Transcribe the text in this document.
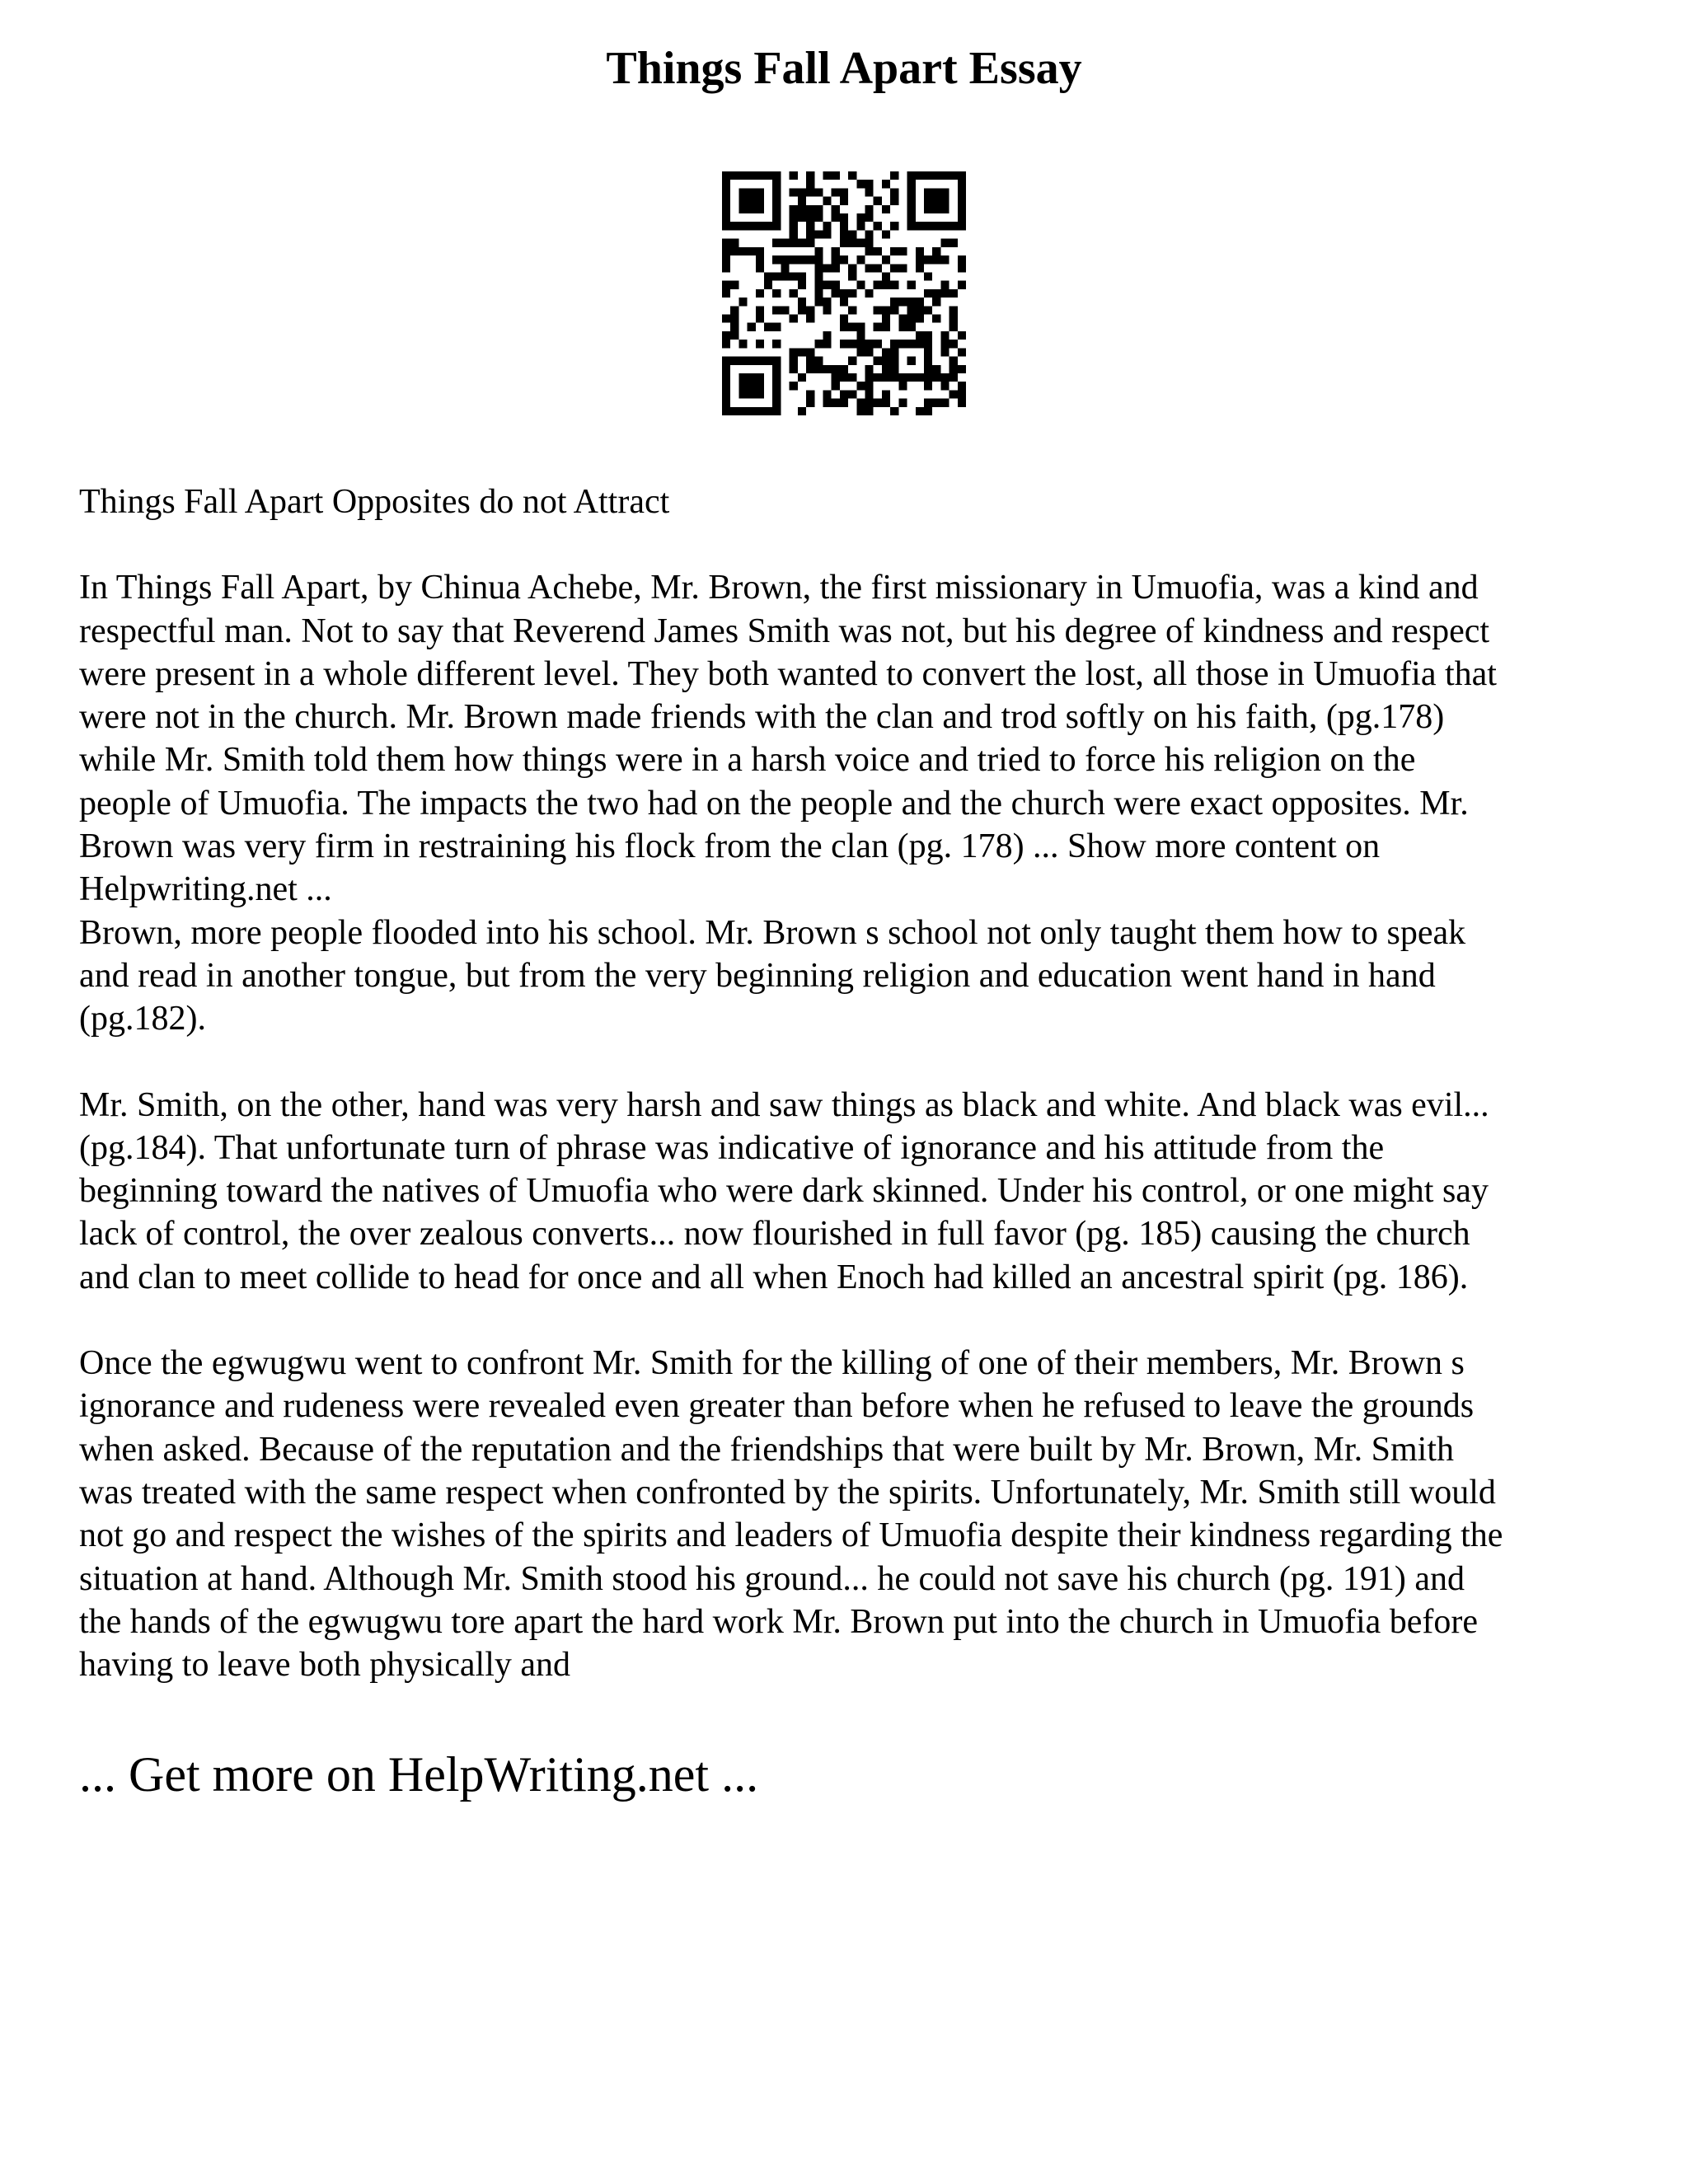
Things Fall Apart Essay

Things Fall Apart Opposites do not Attract

In Things Fall Apart, by Chinua Achebe, Mr. Brown, the first missionary in Umuofia, was a kind and

respectful man. Not to say that Reverend James Smith was not, but his degree of kindness and respect

were present in a whole different level. They both wanted to convert the lost, all those in Umuofia that

were not in the church. Mr. Brown made friends with the clan and trod softly on his faith, (pg.178)

while Mr. Smith told them how things were in a harsh voice and tried to force his religion on the

people of Umuofia. The impacts the two had on the people and the church were exact opposites. Mr.

Brown was very firm in restraining his flock from the clan (pg. 178) ... Show more content on

Helpwriting.net ...

Brown, more people flooded into his school. Mr. Brown s school not only taught them how to speak

and read in another tongue, but from the very beginning religion and education went hand in hand

(pg.182).

Mr. Smith, on the other, hand was very harsh and saw things as black and white. And black was evil...

(pg.184). That unfortunate turn of phrase was indicative of ignorance and his attitude from the

beginning toward the natives of Umuofia who were dark skinned. Under his control, or one might say

lack of control, the over zealous converts... now flourished in full favor (pg. 185) causing the church

and clan to meet collide to head for once and all when Enoch had killed an ancestral spirit (pg. 186).

Once the egwugwu went to confront Mr. Smith for the killing of one of their members, Mr. Brown s

ignorance and rudeness were revealed even greater than before when he refused to leave the grounds

when asked. Because of the reputation and the friendships that were built by Mr. Brown, Mr. Smith

was treated with the same respect when confronted by the spirits. Unfortunately, Mr. Smith still would

not go and respect the wishes of the spirits and leaders of Umuofia despite their kindness regarding the

situation at hand. Although Mr. Smith stood his ground... he could not save his church (pg. 191) and

the hands of the egwugwu tore apart the hard work Mr. Brown put into the church in Umuofia before

having to leave both physically and

... Get more on HelpWriting.net ...
